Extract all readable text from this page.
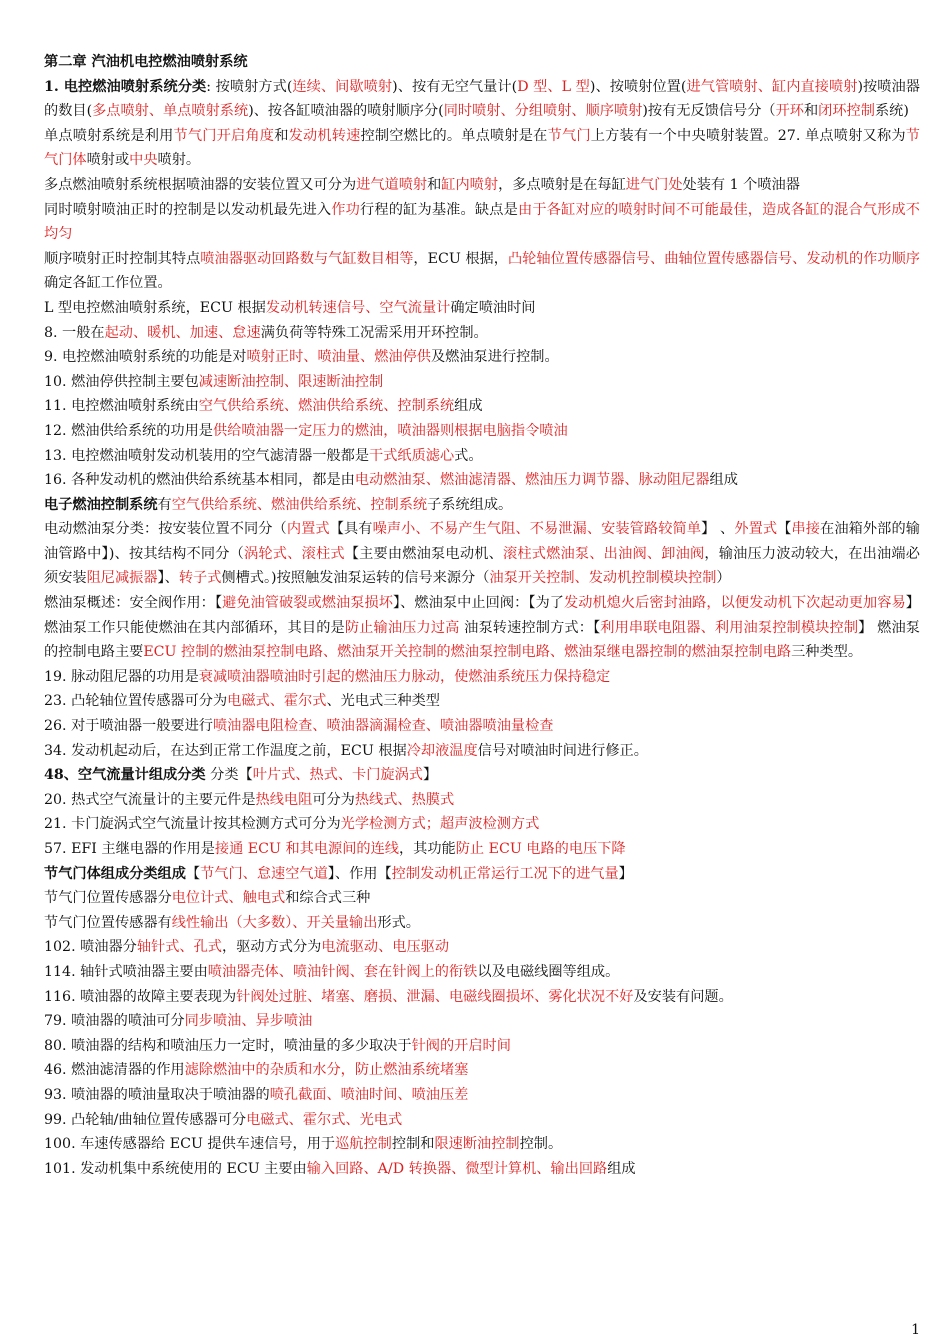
第二章 汽油机电控燃油喷射系统

1. 电控燃油喷射系统分类: 按喷射方式(连续、间歇喷射)、按有无空气量计(D 型、L 型)、按喷射位置(进气管喷射、缸内直接喷射)按喷油器的数目(多点喷射、单点喷射系统)、按各缸喷油器的喷射顺序分(同时喷射、分组喷射、顺序喷射)按有无反馈信号分（开环和闭环控制系统)

单点喷射系统是利用节气门开启角度和发动机转速控制空燃比的。单点喷射是在节气门上方装有一个中央喷射装置。27. 单点喷射又称为节气门体喷射或中央喷射。

多点燃油喷射系统根据喷油器的安装位置又可分为进气道喷射和缸内喷射，多点喷射是在每缸进气门处处装有 1 个喷油器

同时喷射喷油正时的控制是以发动机最先进入作功行程的缸为基准。缺点是由于各缸对应的喷射时间不可能最佳，造成各缸的混合气形成不均匀

顺序喷射正时控制其特点喷油器驱动回路数与气缸数目相等，ECU 根据，凸轮轴位置传感器信号、曲轴位置传感器信号、发动机的作功顺序确定各缸工作位置。

L 型电控燃油喷射系统，ECU 根据发动机转速信号、空气流量计确定喷油时间

8. 一般在起动、暖机、加速、怠速满负荷等特殊工况需采用开环控制。

9. 电控燃油喷射系统的功能是对喷射正时、喷油量、燃油停供及燃油泵进行控制。

10. 燃油停供控制主要包减速断油控制、限速断油控制

11. 电控燃油喷射系统由空气供给系统、燃油供给系统、控制系统组成

12. 燃油供给系统的功用是供给喷油器一定压力的燃油，喷油器则根据电脑指令喷油

13. 电控燃油喷射发动机装用的空气滤清器一般都是干式纸质滤心式。

16. 各种发动机的燃油供给系统基本相同，都是由电动燃油泵、燃油滤清器、燃油压力调节器、脉动阻尼器组成

电子燃油控制系统有空气供给系统、燃油供给系统、控制系统子系统组成。

电动燃油泵分类：按安装位置不同分（内置式【具有噪声小、不易产生气阻、不易泄漏、安装管路较简单】 、外置式【串接在油箱外部的输油管路中】)、按其结构不同分（涡轮式、滚柱式【主要由燃油泵电动机、滚柱式燃油泵、出油阀、卸油阀，输油压力波动较大，在出油端必须安装阻尼减振器】、转子式侧槽式。)按照触发油泵运转的信号来源分（油泵开关控制、发动机控制模块控制）

燃油泵概述：安全阀作用：【避免油管破裂或燃油泵损坏】、燃油泵中止回阀：【为了发动机熄火后密封油路，以便发动机下次起动更加容易】 燃油泵工作只能使燃油在其内部循环，其目的是防止输油压力过高 油泵转速控制方式：【利用串联电阻器、利用油泵控制模块控制】 燃油泵的控制电路主要ECU 控制的燃油泵控制电路、燃油泵开关控制的燃油泵控制电路、燃油泵继电器控制的燃油泵控制电路三种类型。

19. 脉动阻尼器的功用是衰减喷油器喷油时引起的燃油压力脉动，使燃油系统压力保持稳定

23. 凸轮轴位置传感器可分为电磁式、霍尔式、光电式三种类型

26. 对于喷油器一般要进行喷油器电阻检查、喷油器滴漏检查、喷油器喷油量检查

34. 发动机起动后，在达到正常工作温度之前，ECU 根据冷却液温度信号对喷油时间进行修正。

48、空气流量计组成分类 分类【叶片式、热式、卡门旋涡式】

20. 热式空气流量计的主要元件是热线电阻可分为热线式、热膜式

21. 卡门旋涡式空气流量计按其检测方式可分为光学检测方式；超声波检测方式

57. EFI 主继电器的作用是接通 ECU 和其电源间的连线，其功能防止 ECU 电路的电压下降

节气门体组成分类组成【节气门、怠速空气道】、作用【控制发动机正常运行工况下的进气量】

节气门位置传感器分电位计式、触电式和综合式三种

节气门位置传感器有线性输出（大多数）、开关量输出形式。

102. 喷油器分轴针式、孔式，驱动方式分为电流驱动、电压驱动

114. 轴针式喷油器主要由喷油器壳体、喷油针阀、套在针阀上的衔铁以及电磁线圈等组成。

116. 喷油器的故障主要表现为针阀处过脏、堵塞、磨损、泄漏、电磁线圈损坏、雾化状况不好及安装有问题。

79. 喷油器的喷油可分同步喷油、异步喷油

80. 喷油器的结构和喷油压力一定时，喷油量的多少取决于针阀的开启时间

46. 燃油滤清器的作用滤除燃油中的杂质和水分，防止燃油系统堵塞

93. 喷油器的喷油量取决于喷油器的喷孔截面、喷油时间、喷油压差

99. 凸轮轴/曲轴位置传感器可分电磁式、霍尔式、光电式

100. 车速传感器给 ECU 提供车速信号，用于巡航控制控制和限速断油控制控制。

101. 发动机集中系统使用的 ECU 主要由输入回路、A/D 转换器、微型计算机、输出回路组成

1
